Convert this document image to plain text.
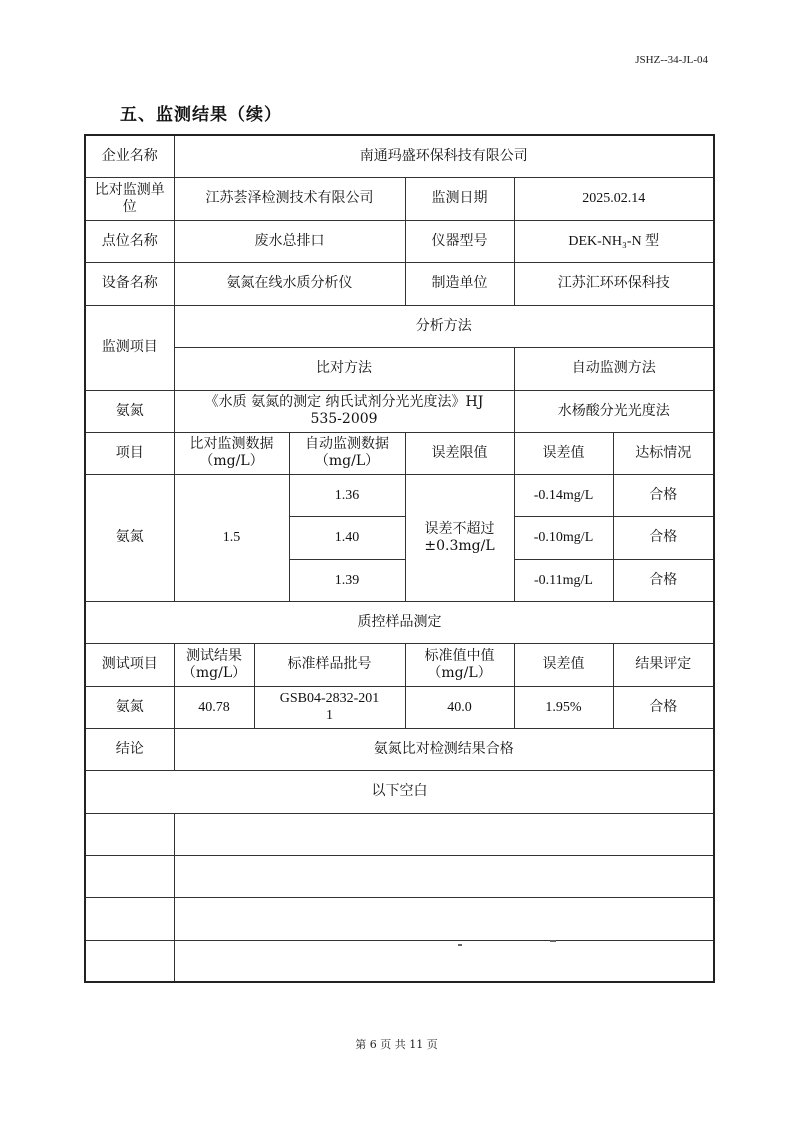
JSHZ--34-JL-04
五、监测结果（续）
企业名称	南通玛盛环保科技有限公司					
比对监测单位	江苏荟泽检测技术有限公司			监测日期	2025.02.14	
点位名称	废水总排口			仪器型号	DEK-NH₃-N 型	
设备名称	氨氮在线水质分析仪			制造单位	江苏汇环环保科技	
监测项目	分析方法					
	比对方法				自动监测方法	
氨氮	《水质 氨氮的测定 纳氏试剂分光光度法》HJ 535-2009				水杨酸分光光度法	
项目	比对监测数据（mg/L）		自动监测数据（mg/L）	误差限值	误差值	达标情况
氨氮	1.5		1.36	误差不超过±0.3mg/L	-0.14mg/L	合格
			1.40		-0.10mg/L	合格
			1.39		-0.11mg/L	合格
质控样品测定						
测试项目	测试结果（mg/L）	标准样品批号		标准值中值（mg/L）	误差值	结果评定
氨氮	40.78	GSB04-2832-2011		40.0	1.95%	合格
结论	氨氮比对检测结果合格					
以下空白						

第 6 页 共 11 页
